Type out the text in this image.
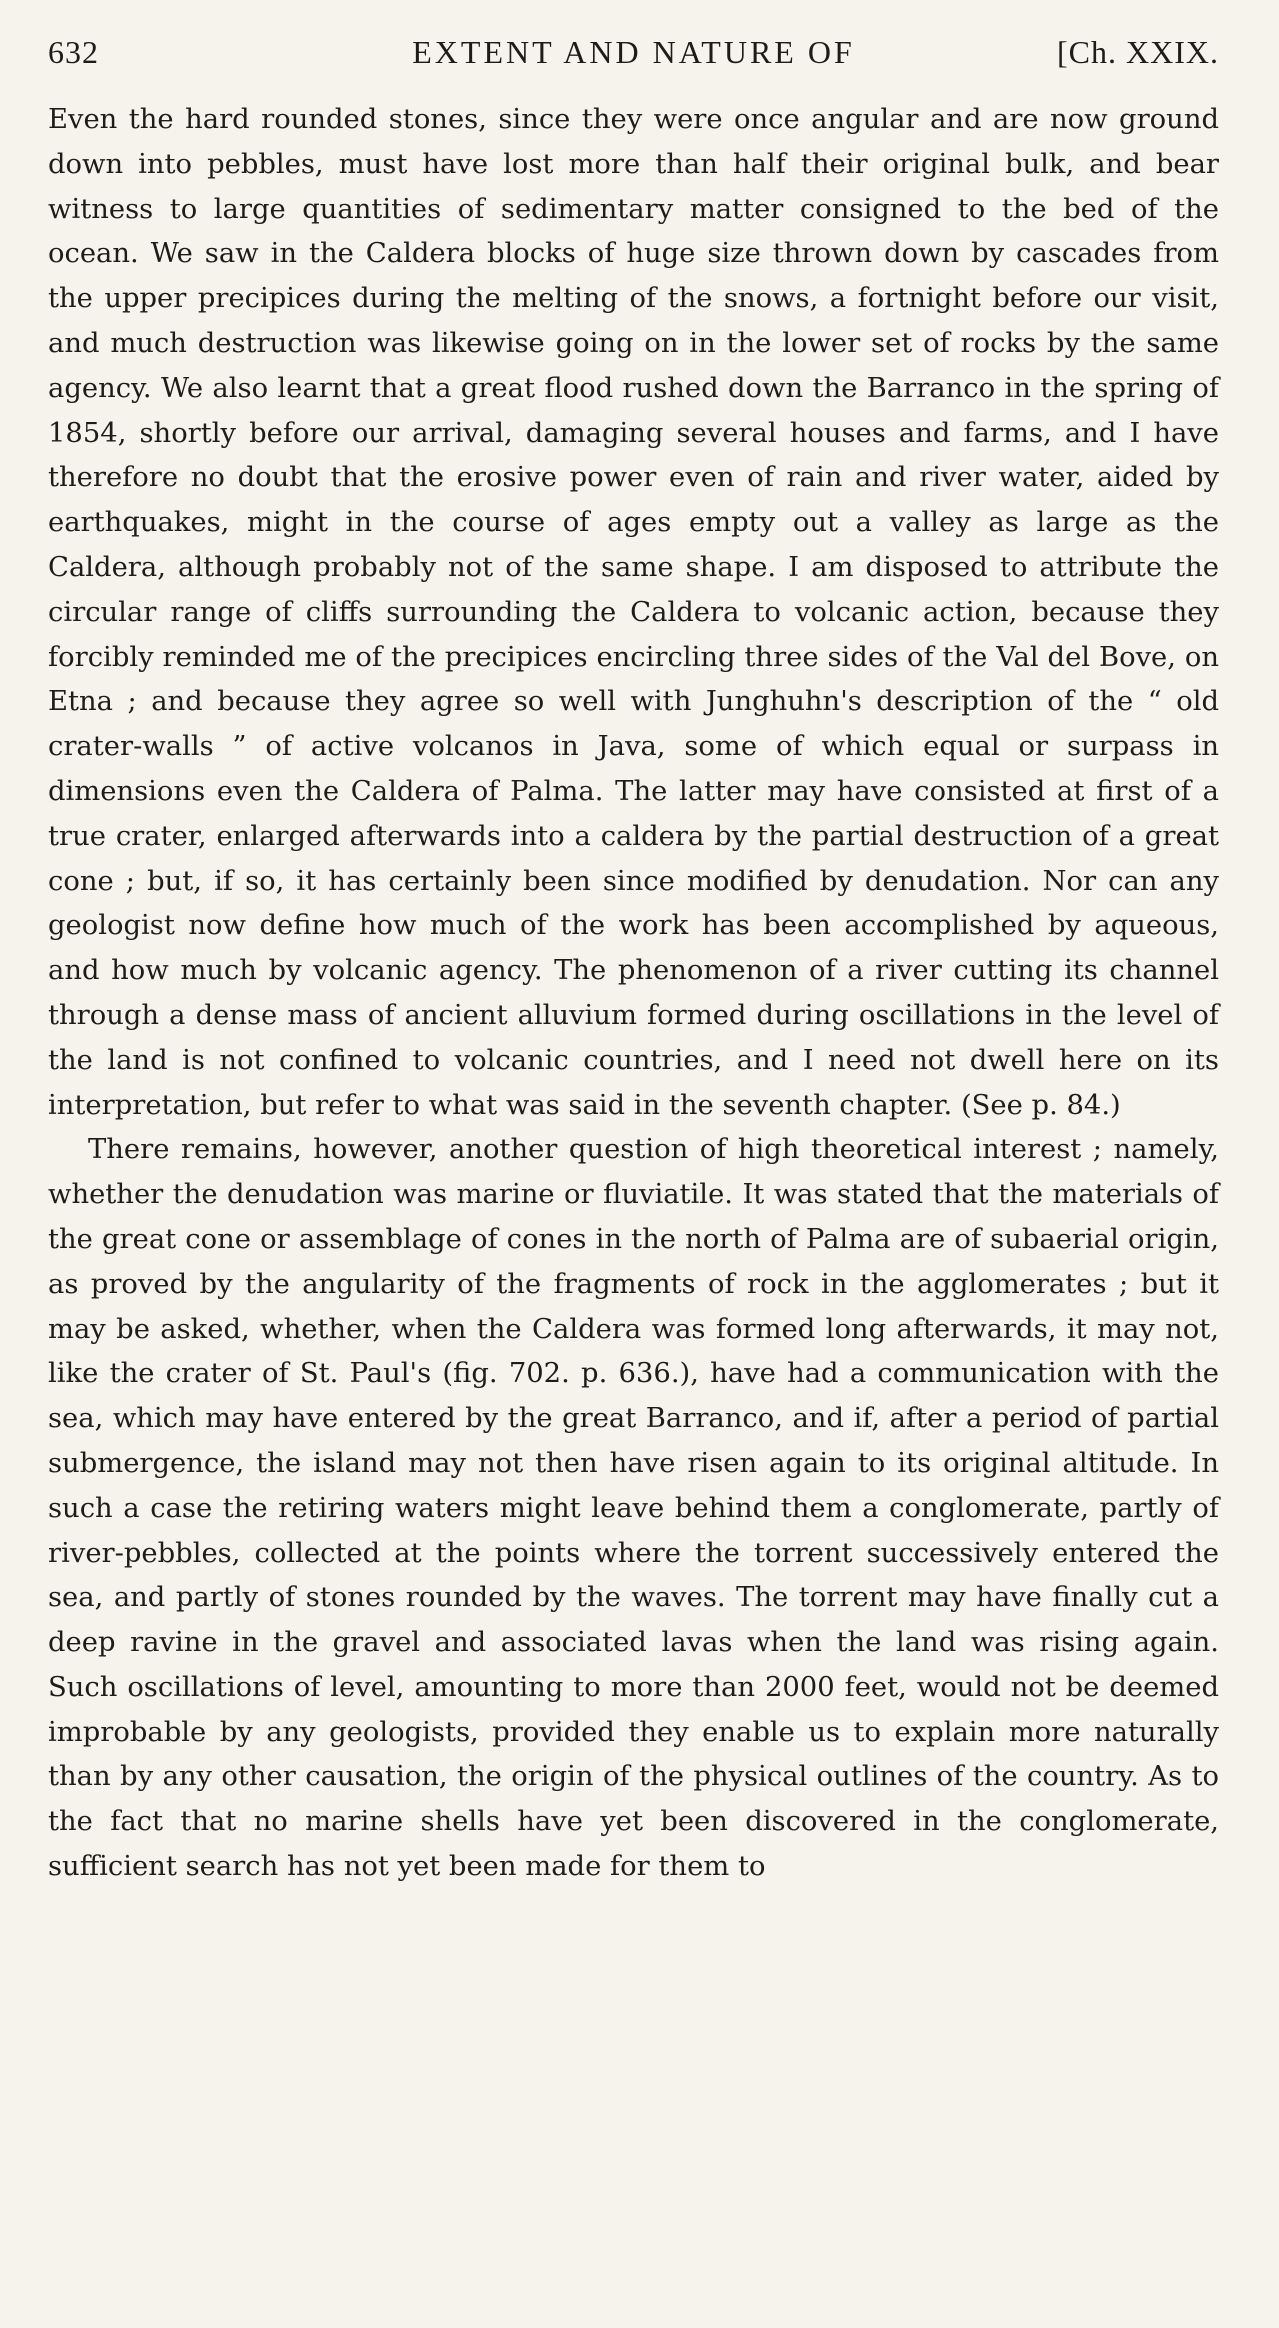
632	EXTENT AND NATURE OF	[Ch. XXIX.

Even the hard rounded stones, since they were once angular and are now ground down into pebbles, must have lost more than half their original bulk, and bear witness to large quantities of sedimentary matter consigned to the bed of the ocean. We saw in the Caldera blocks of huge size thrown down by cascades from the upper precipices during the melting of the snows, a fortnight before our visit, and much destruction was likewise going on in the lower set of rocks by the same agency. We also learnt that a great flood rushed down the Barranco in the spring of 1854, shortly before our arrival, damaging several houses and farms, and I have therefore no doubt that the erosive power even of rain and river water, aided by earthquakes, might in the course of ages empty out a valley as large as the Caldera, although probably not of the same shape. I am disposed to attribute the circular range of cliffs surrounding the Caldera to volcanic action, because they forcibly reminded me of the precipices encircling three sides of the Val del Bove, on Etna ; and because they agree so well with Junghuhn's description of the “ old crater-walls ” of active volcanos in Java, some of which equal or surpass in dimensions even the Caldera of Palma. The latter may have consisted at first of a true crater, enlarged afterwards into a caldera by the partial destruction of a great cone ; but, if so, it has certainly been since modified by denudation. Nor can any geologist now define how much of the work has been accomplished by aqueous, and how much by volcanic agency. The phenomenon of a river cutting its channel through a dense mass of ancient alluvium formed during oscillations in the level of the land is not confined to volcanic countries, and I need not dwell here on its interpretation, but refer to what was said in the seventh chapter. (See p. 84.)

There remains, however, another question of high theoretical interest ; namely, whether the denudation was marine or fluviatile. It was stated that the materials of the great cone or assemblage of cones in the north of Palma are of subaerial origin, as proved by the angularity of the fragments of rock in the agglomerates ; but it may be asked, whether, when the Caldera was formed long afterwards, it may not, like the crater of St. Paul's (fig. 702. p. 636.), have had a communication with the sea, which may have entered by the great Barranco, and if, after a period of partial submergence, the island may not then have risen again to its original altitude. In such a case the retiring waters might leave behind them a conglomerate, partly of river-pebbles, collected at the points where the torrent successively entered the sea, and partly of stones rounded by the waves. The torrent may have finally cut a deep ravine in the gravel and associated lavas when the land was rising again. Such oscillations of level, amounting to more than 2000 feet, would not be deemed improbable by any geologists, provided they enable us to explain more naturally than by any other causation, the origin of the physical outlines of the country. As to the fact that no marine shells have yet been discovered in the conglomerate, sufficient search has not yet been made for them to
